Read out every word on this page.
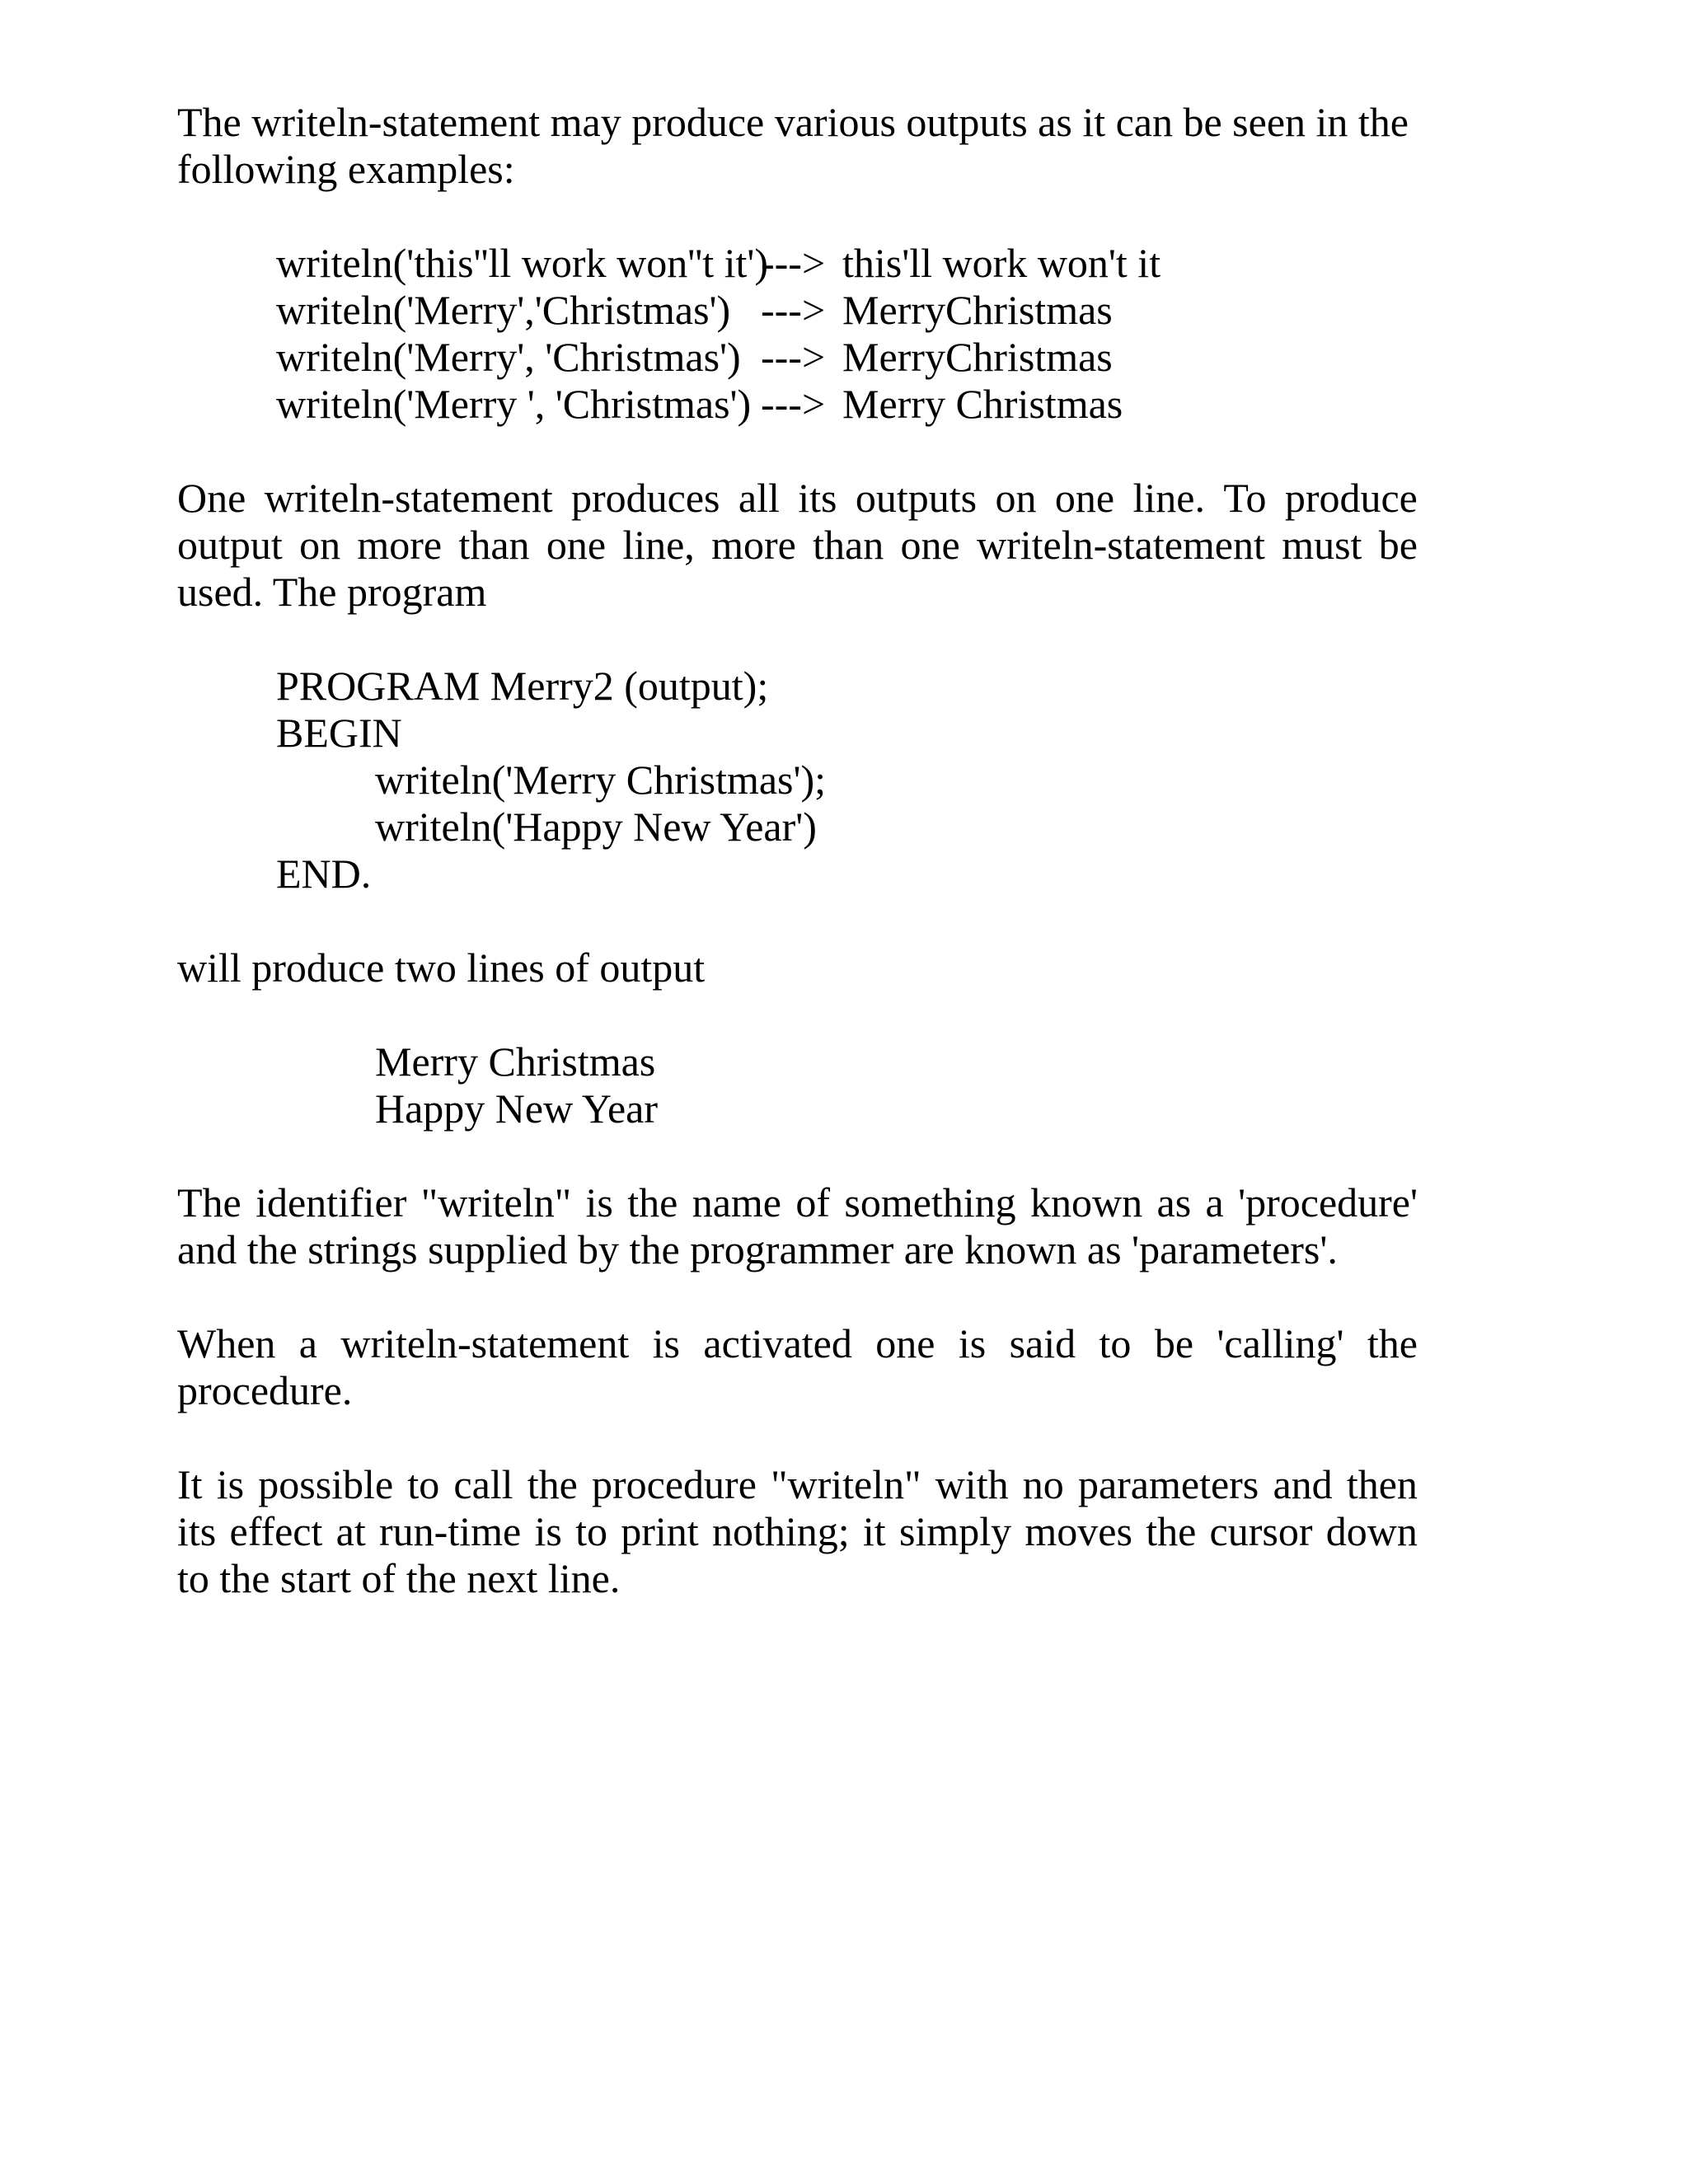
The writeln-statement may produce various outputs as it can be seen in the
following examples:
writeln('this''ll work won''t it')
---> this'll work won't it
writeln('Merry','Christmas') ---> MerryChristmas
writeln('Merry', 'Christmas') ---> MerryChristmas
writeln('Merry ', 'Christmas') ---> Merry Christmas
One writeln-statement produces all its outputs on one line. To produce
output on more than one line, more than one writeln-statement must be
used. The program
PROGRAM Merry2 (output);
BEGIN
writeln('Merry Christmas');
writeln('Happy New Year')
END.
will produce two lines of output
Merry Christmas
Happy New Year
The identifier "writeln" is the name of something known as a 'procedure'
and the strings supplied by the programmer are known as 'parameters'.
When a writeln-statement is activated one is said to be 'calling' the
procedure.
It is possible to call the procedure "writeln" with no parameters and then
its effect at run-time is to print nothing; it simply moves the cursor down
to the start of the next line.
